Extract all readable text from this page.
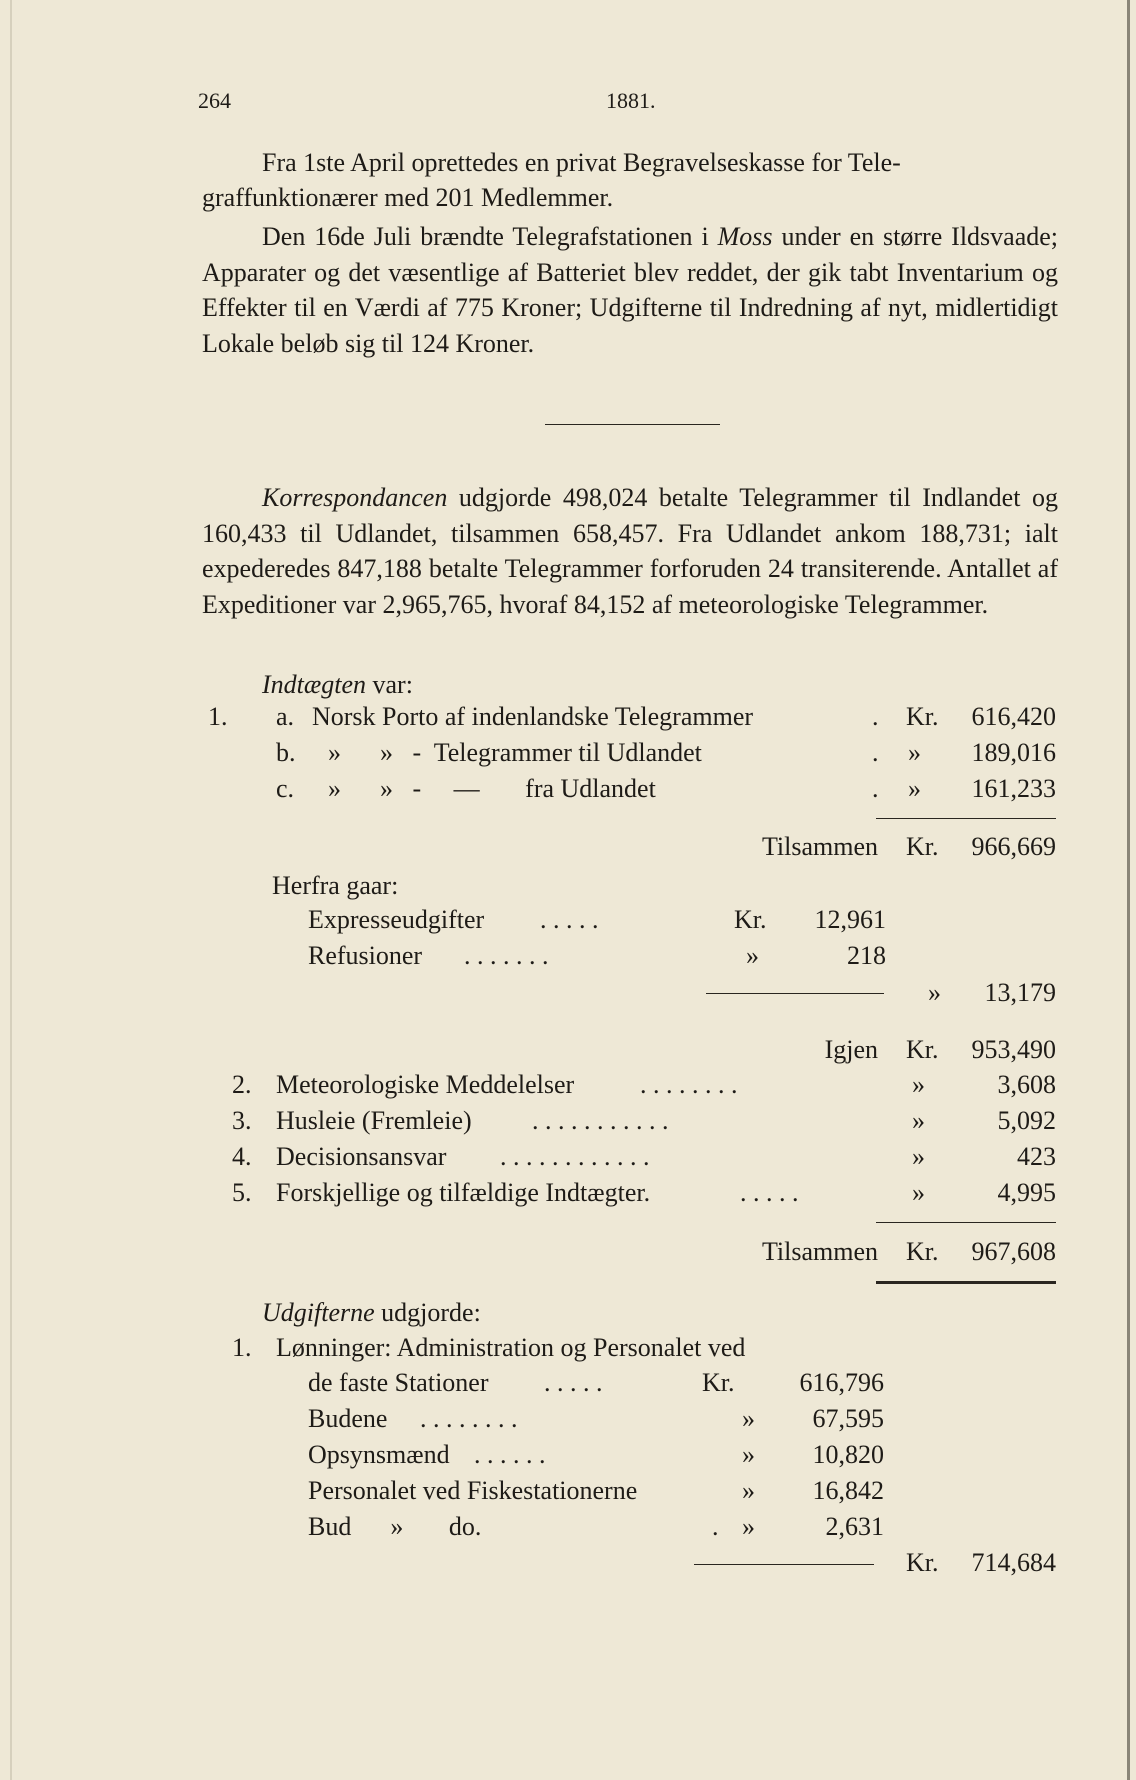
264	1881.
Fra 1ste April oprettedes en privat Begravelseskasse for Tele-
graffunktionærer med 201 Medlemmer.
Den 16de Juli brændte Telegrafstationen i Moss under en større Ildsvaade; Apparater og det væsentlige af Batteriet blev reddet, der gik tabt Inventarium og Effekter til en Værdi af 775 Kroner; Udgifterne til Indredning af nyt, midlertidigt Lokale beløb sig til 124 Kroner.
Korrespondancen udgjorde 498,024 betalte Telegrammer til Indlandet og 160,433 til Udlandet, tilsammen 658,457. Fra Udlandet ankom 188,731; ialt expederedes 847,188 betalte Telegrammer forforuden 24 transiterende. Antallet af Expeditioner var 2,965,765, hvoraf 84,152 af meteorologiske Telegrammer.
Indtægten var:
1. a. Norsk Porto af indenlandske Telegrammer	. Kr.	616,420
b. »      »   -  Telegrammer til Udlandet	. »	189,016
c. »      »   -     —       fra Udlandet	. »	161,233
Tilsammen Kr.	966,669
Herfra gaar:
Expresseudgifter . . . . .	Kr.	12,961
Refusioner . . . . . . .	»	218
»	13,179
Igjen Kr.	953,490
2. Meteorologiske Meddelelser	. . . . . . . .	»	3,608
3. Husleie (Fremleie) . . . . . . . . . . .	»	5,092
4. Decisionsansvar . . . . . . . . . . . .	»	423
5. Forskjellige og tilfældige Indtægter.	. . . . .	»	4,995
Tilsammen Kr.	967,608
Udgifterne udgjorde:
1. Lønninger: Administration og Personalet ved
de faste Stationer . . . . .	Kr.	616,796
Budene . . . . . . . .	»	67,595
Opsynsmænd . . . . . .	»	10,820
Personalet ved Fiskestationerne	»	16,842
Bud      »       do.	. »	2,631
Kr.	714,684
